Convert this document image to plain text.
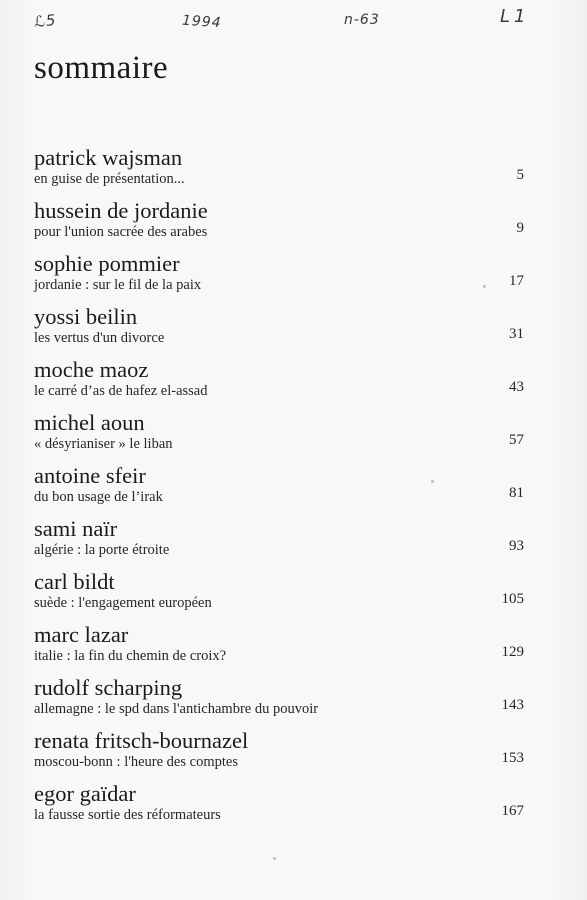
ℒ5	1994	n-63	L1
sommaire
patrick wajsman
en guise de présentation...	5
hussein de jordanie
pour l'union sacrée des arabes	9
sophie pommier
jordanie : sur le fil de la paix	17
yossi beilin
les vertus d'un divorce	31
moche maoz
le carré d’as de hafez el-assad	43
michel aoun
« désyrianiser » le liban	57
antoine sfeir
du bon usage de l’irak	81
sami naïr
algérie : la porte étroite	93
carl bildt
suède : l'engagement européen	105
marc lazar
italie : la fin du chemin de croix?	129
rudolf scharping
allemagne : le spd dans l'antichambre du pouvoir	143
renata fritsch-bournazel
moscou-bonn : l'heure des comptes	153
egor gaïdar
la fausse sortie des réformateurs	167
